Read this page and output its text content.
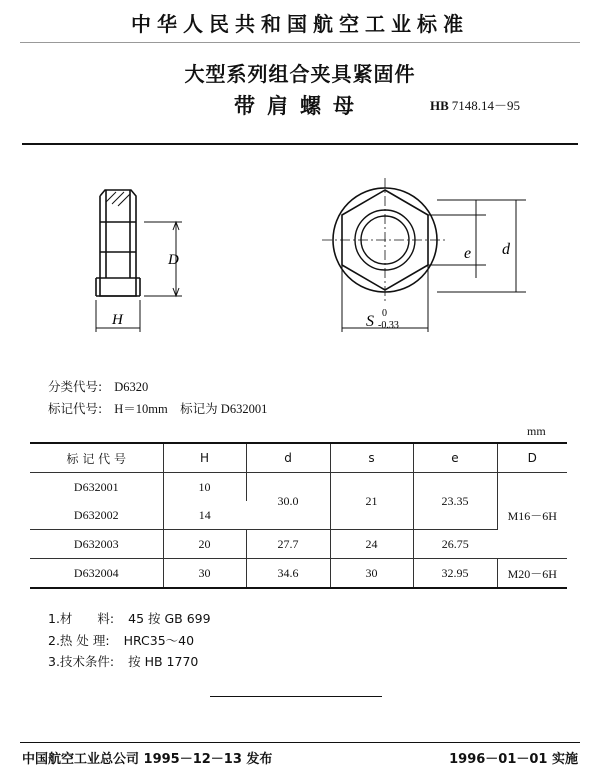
中华人民共和国航空工业标准
大型系列组合夹具紧固件
带肩螺母	HB 7148.14－95
D
H
e d
S 0
-0.33
分类代号: D6320
标记代号: H＝10mm　标记为 D632001
mm
标 记 代 号	H	d	s	e	D
D632001	10	30.0	21	23.35	M16－6H
D632002	14				
D632003	20	27.7	24	26.75	
D632004	30	34.6	30	32.95	M20－6H
1.材　　料: 45 按 GB 699
2.热 处 理: HRC35～40
3.技术条件: 按 HB 1770
中国航空工业总公司 1995－12－13 发布	1996－01－01 实施
